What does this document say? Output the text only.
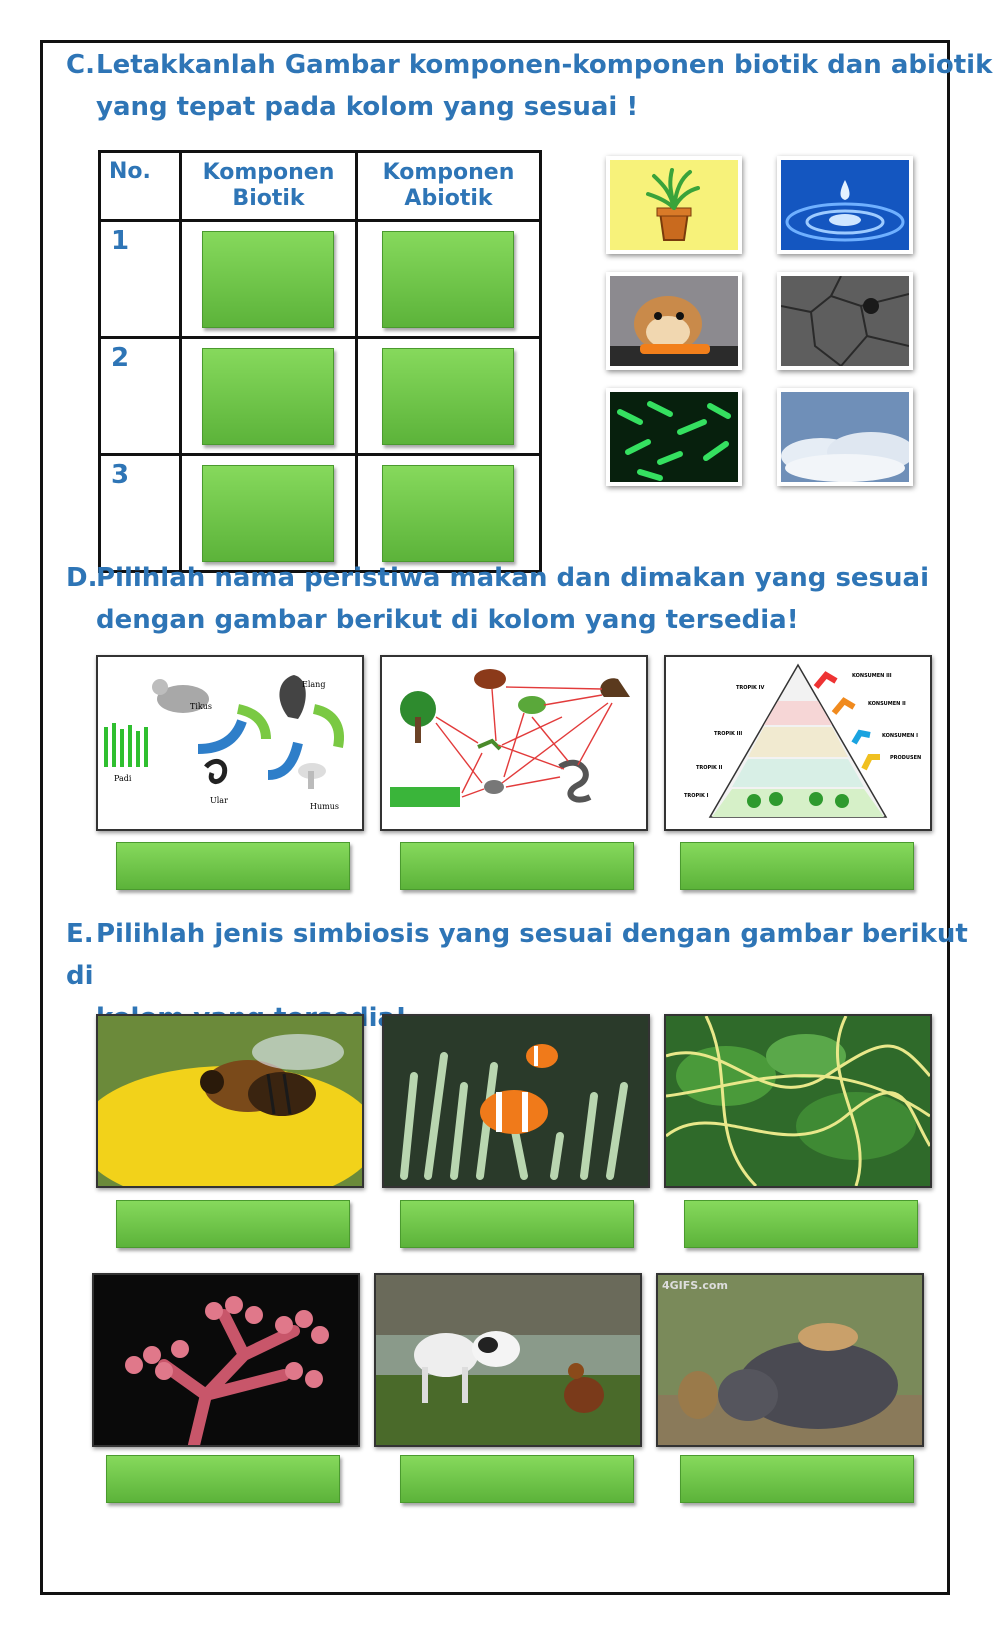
C.Letakkanlah Gambar komponen-komponen biotik dan abiotik
yang tepat pada kolom yang sesuai !
No.	Komponen Biotik	Komponen Abiotik
1	

2	

3	

D.Pilihlah nama peristiwa makan dan dimakan yang sesuai
dengan gambar berikut di kolom yang tersedia!
Tikus
Elang
Padi
Ular
Humus
TROPIK IV
TROPIK III
TROPIK II
TROPIK I
KONSUMEN III
KONSUMEN II
KONSUMEN I
PRODUSEN
E.Pilihlah jenis simbiosis yang sesuai dengan gambar berikut di
4GIFS.com
